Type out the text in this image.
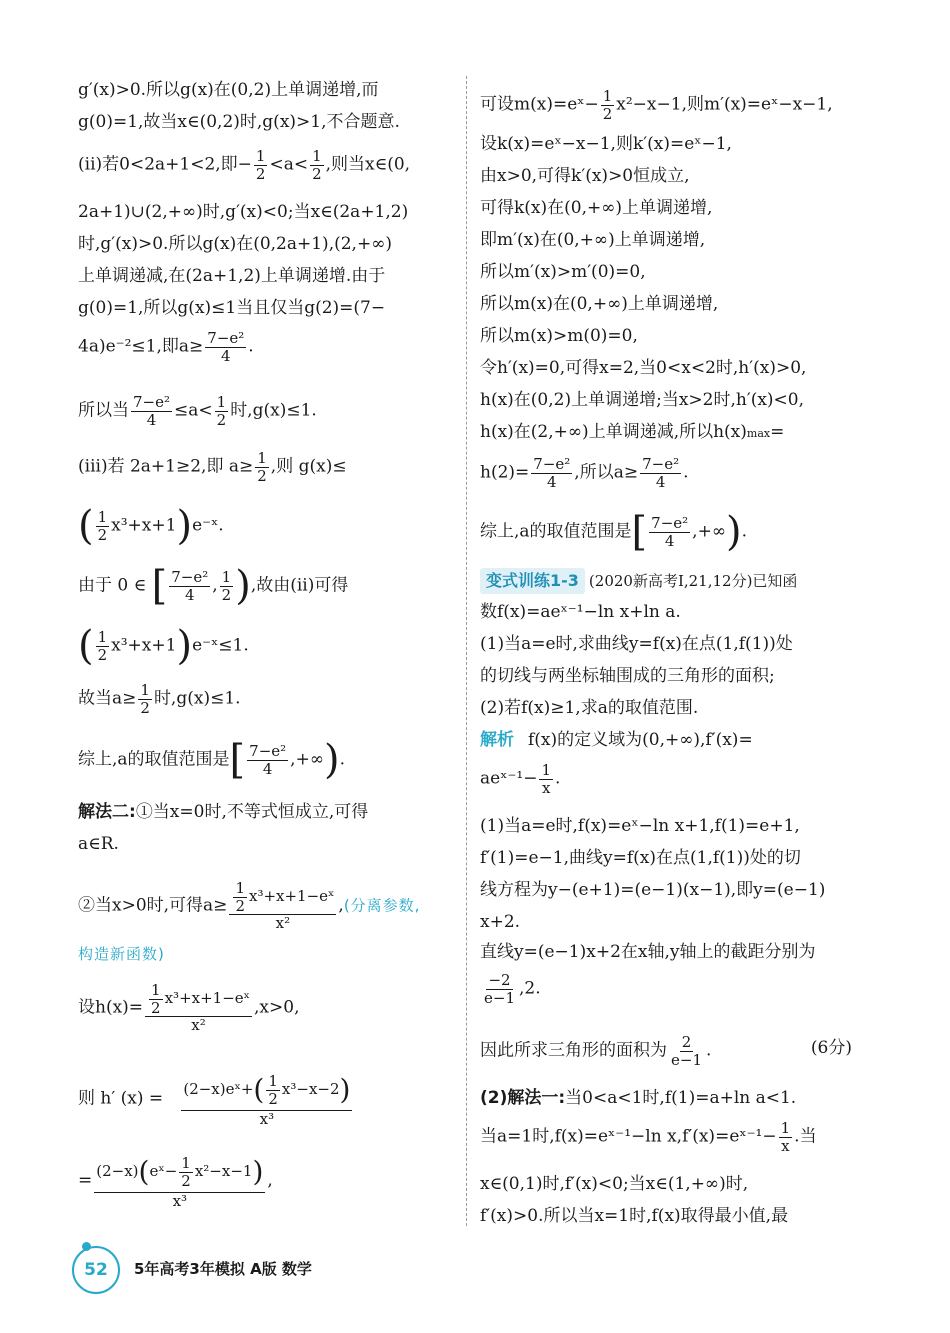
g′(x)>0.所以g(x)在(0,2)上单调递增,而
g(0)=1,故当x∈(0,2)时,g(x)>1,不合题意.
(ii)若0<2a+1<2,即− $\frac{1}{2} <a< \frac{1}{2}$ ,则当x∈(0,
2a+1)∪(2,+∞)时,g′(x)<0;当x∈(2a+1,2)
时,g′(x)>0.所以g(x)在(0,2a+1),(2,+∞)
上单调递减,在(2a+1,2)上单调递增.由于
g(0)=1,所以g(x)≤1当且仅当g(2)=(7−
4a)e⁻²≤1,即$a\ge \frac{\text{7−e²}}{4}$ .
所以当 $\frac{\text{7−e²}}{4} \le a< \frac{1}{2}$ 时,g(x)≤1.
(iii)若 2a+1≥2,即 $a\ge \frac{1}{2}$ ,则 g(x)≤
( $\frac{1}{2}$ x³+x+1)e⁻ˣ.
由于 0 ∈ [ $\frac{\text{7−e²}}{4}$ , $\frac{1}{2}$ ),故由(ii)可得
( $\frac{1}{2}$ x³+x+1)e⁻ˣ≤1.
故当$a\ge \frac{1}{2}$ 时,g(x)≤1.
综上,a的取值范围是[ $\frac{\text{7−e²}}{4}$ ,+∞).
解法二:①当x=0时,不等式恒成立,可得
a∈R.
②当x>0时,可得$a\ge \frac{\frac{1}{2} x^3+x+1-eˣ}{\text{x²}}$ ,(分离参数,
构造新函数)
设$h(x)= \frac{\frac{1}{2} x^3+x+1-eˣ}{\text{x²}} ,x>0$,
则 h′ $(x) = \frac{(2-x)eˣ+( \frac{1}{2} x^3-x-2)}{\text{x³}}$
= $\frac{(2-x)(eˣ- \frac{1}{2} x^2-x-1)}{\text{x³}}$ ,
可设m(x)=eˣ− $\frac{1}{2} x^2-x-1$,则m′(x)=eˣ−x−1,
设k(x)=eˣ−x−1,则k′(x)=eˣ−1,
由x>0,可得k′(x)>0恒成立,
可得k(x)在(0,+∞)上单调递增,
即m′(x)在(0,+∞)上单调递增,
所以m′(x)>m′(0)=0,
所以m(x)在(0,+∞)上单调递增,
所以m(x)>m(0)=0,
令h′(x)=0,可得x=2,当0<x<2时,h′(x)>0,
h(x)在(0,2)上单调递增;当x>2时,h′(x)<0,
h(x)在(2,+∞)上单调递减,所以h(x)max=
$h(2)= \frac{\text{7−e²}}{4}$ ,所以$a\ge \frac{\text{7−e²}}{4}$ .
综上,a的取值范围是[ $\frac{\text{7−e²}}{4}$ ,+∞).
变式训练1-3 (2020新高考Ⅰ,21,12分)已知函
数f(x)=aeˣ⁻¹−ln x+ln a.
(1)当a=e时,求曲线y=f(x)在点(1,f(1))处
的切线与两坐标轴围成的三角形的面积;
(2)若f(x)≥1,求a的取值范围.
解析 f(x)的定义域为(0,+∞),f′(x)=
aeˣ⁻¹− $\frac{1}{x}$ .
(1)当a=e时,f(x)=eˣ−ln x+1,f(1)=e+1,
f′(1)=e−1,曲线y=f(x)在点(1,f(1))处的切
线方程为y−(e+1)=(e−1)(x−1),即y=(e−1)
x+2.
直线y=(e−1)x+2在x轴,y轴上的截距分别为
$\frac{-2}{e-1} ,2$.
因此所求三角形的面积为 $\frac{2}{e-1}$ .	(6分)
(2)解法一:当0<a<1时,f(1)=a+ln a<1.
当a=1时,f(x)=eˣ⁻¹−ln x,f′(x)=eˣ⁻¹− $\frac{1}{x}$ .当
x∈(0,1)时,f′(x)<0;当x∈(1,+∞)时,
f′(x)>0.所以当x=1时,f(x)取得最小值,最
52 5年高考3年模拟 A版 数学
